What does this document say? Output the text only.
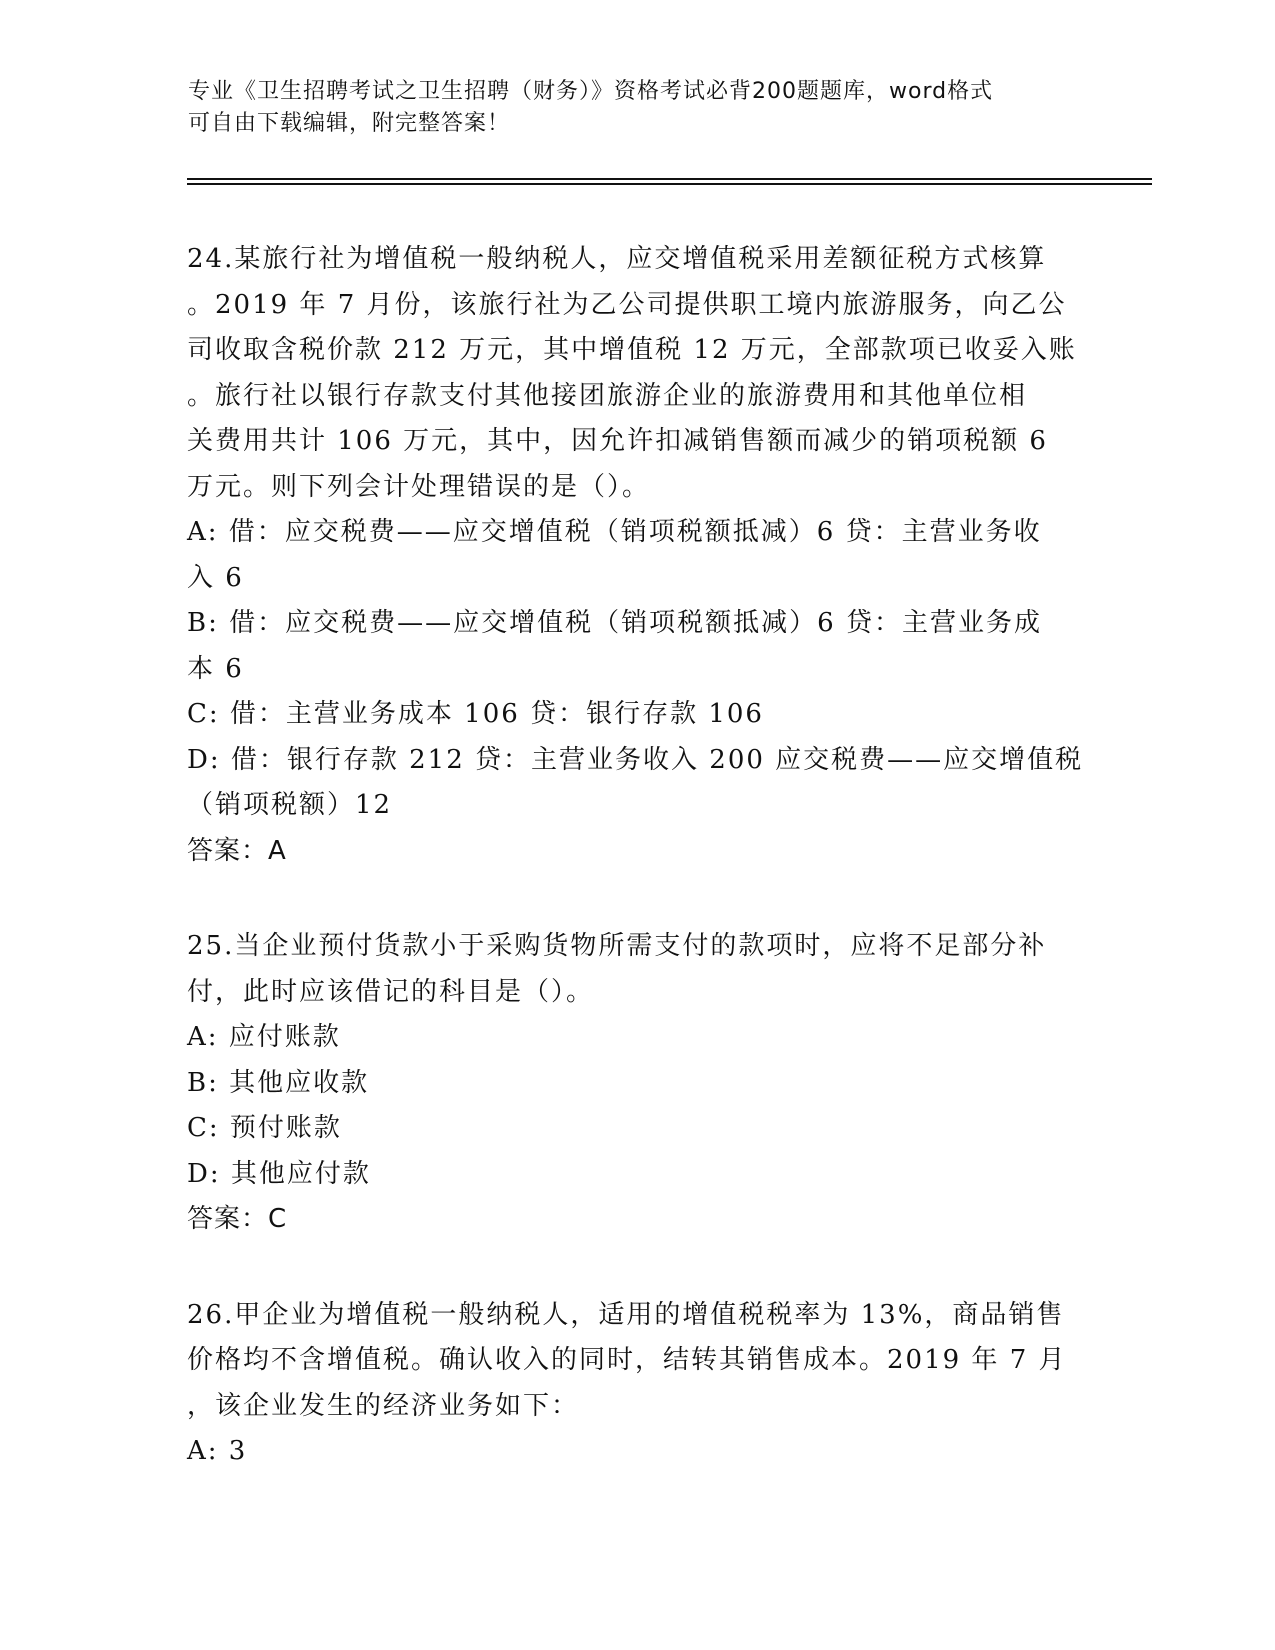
专业《卫生招聘考试之卫生招聘（财务）》资格考试必背200题题库，word格式
可自由下载编辑，附完整答案！
24.某旅行社为增值税一般纳税人，应交增值税采用差额征税方式核算
。2019 年 7 月份，该旅行社为乙公司提供职工境内旅游服务，向乙公
司收取含税价款 212 万元，其中增值税 12 万元，全部款项已收妥入账
。旅行社以银行存款支付其他接团旅游企业的旅游费用和其他单位相
关费用共计 106 万元，其中，因允许扣减销售额而减少的销项税额 6
万元。则下列会计处理错误的是（）。
A: 借：应交税费——应交增值税（销项税额抵减）6 贷：主营业务收
入 6
B: 借：应交税费——应交增值税（销项税额抵减）6 贷：主营业务成
本 6
C: 借：主营业务成本 106 贷：银行存款 106
D: 借：银行存款 212 贷：主营业务收入 200 应交税费——应交增值税
（销项税额）12
答案：A
25.当企业预付货款小于采购货物所需支付的款项时，应将不足部分补
付，此时应该借记的科目是（）。
A: 应付账款
B: 其他应收款
C: 预付账款
D: 其他应付款
答案：C
26.甲企业为增值税一般纳税人，适用的增值税税率为 13%，商品销售
价格均不含增值税。确认收入的同时，结转其销售成本。2019 年 7 月
，该企业发生的经济业务如下：
A: 3
